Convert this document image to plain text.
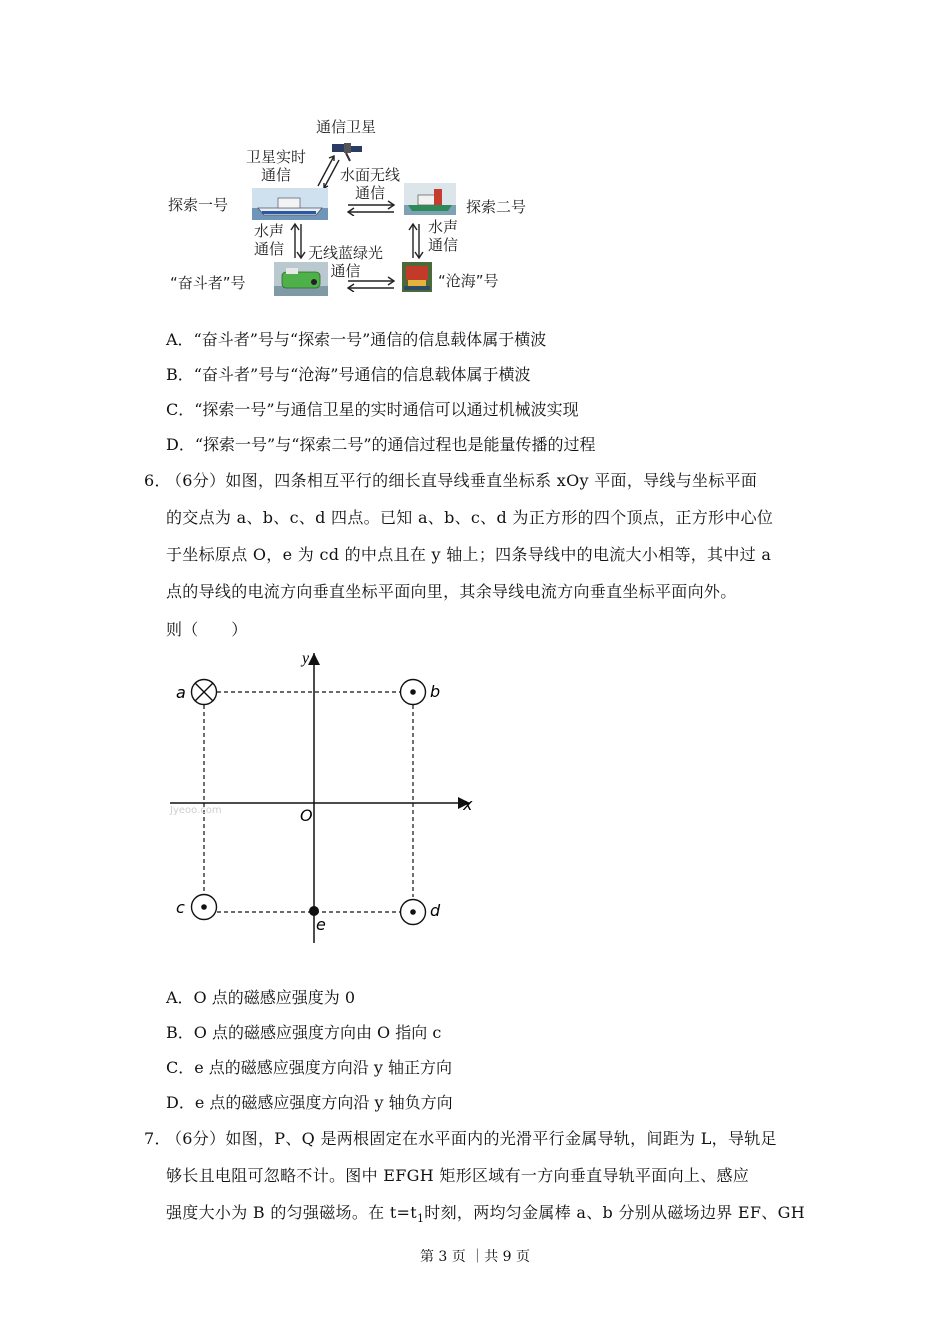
通信卫星
卫星实时
通信	水面无线
通信
探索一号	探索二号
水声
通信
水声
通信
无线蓝绿光
通信
“奋斗者”号	“沧海”号
A．“奋斗者”号与“探索一号”通信的信息载体属于横波
B．“奋斗者”号与“沧海”号通信的信息载体属于横波
C．“探索一号”与通信卫星的实时通信可以通过机械波实现
D．“探索一号”与“探索二号”的通信过程也是能量传播的过程
6．
（6分）如图，四条相互平行的细长直导线垂直坐标系 xOy 平面，导线与坐标平面
的交点为 a、b、c、d 四点。已知 a、b、c、d 为正方形的四个顶点，正方形中心位
于坐标原点 O，e 为 cd 的中点且在 y 轴上；四条导线中的电流大小相等，其中过 a
点的导线的电流方向垂直坐标平面向里，其余导线电流方向垂直坐标平面向外。
则（　　）
y
x
O
Jyeoo.com
a	b
c	d
e
A．O 点的磁感应强度为 0
B．O 点的磁感应强度方向由 O 指向 c
C．e 点的磁感应强度方向沿 y 轴正方向
D．e 点的磁感应强度方向沿 y 轴负方向
7．
（6分）如图，P、Q 是两根固定在水平面内的光滑平行金属导轨，间距为 L，导轨足
够长且电阻可忽略不计。图中 EFGH 矩形区域有一方向垂直导轨平面向上、感应
强度大小为 B 的匀强磁场。在 $t=t_1$时刻，两均匀金属棒 a、b 分别从磁场边界 EF、GH
第 3 页 ｜共 9 页
